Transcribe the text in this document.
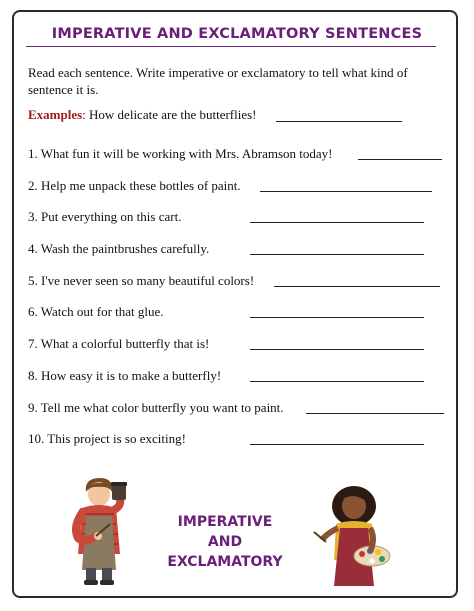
IMPERATIVE AND EXCLAMATORY SENTENCES
Read each sentence. Write imperative or exclamatory to tell what kind of sentence it is.
Examples: How delicate are the butterflies!
1. What fun it will be working with Mrs. Abramson today!
2. Help me unpack these bottles of paint.
3. Put everything on this cart.
4. Wash the paintbrushes carefully.
5. I've never seen so many beautiful colors!
6. Watch out for that glue.
7. What a colorful butterfly that is!
8. How easy it is to make a butterfly!
9. Tell me what color butterfly you want to paint.
10. This project is so exciting!
IMPERATIVE
AND
EXCLAMATORY
